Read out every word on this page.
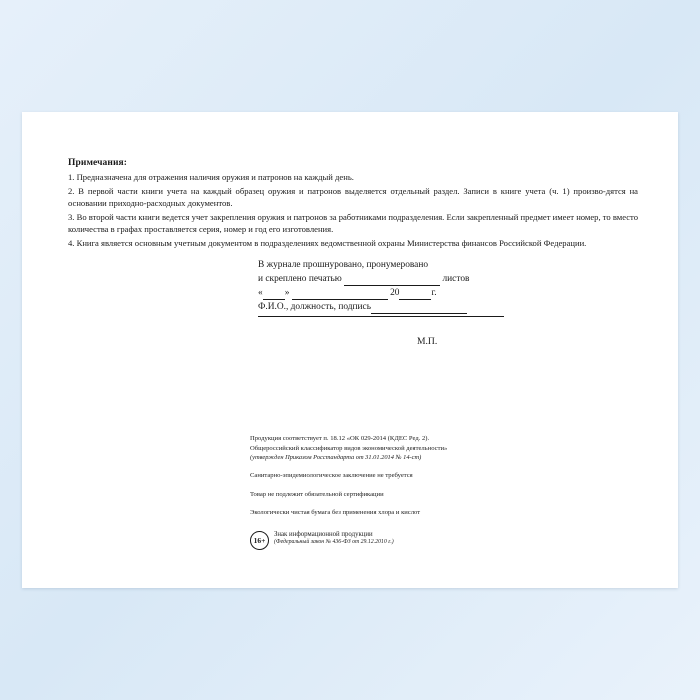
Примечания:
1. Предназначена для отражения наличия оружия и патронов на каждый день.
2. В первой части книги учета на каждый образец оружия и патронов выделяется отдельный раздел. Записи в книге учета (ч. 1) произво-дятся на основании приходно-расходных документов.
3. Во второй части книги ведется учет закрепления оружия и патронов за работниками подразделения. Если закрепленный предмет имеет номер, то вместо количества в графах проставляется серия, номер и год его изготовления.
4. Книга является основным учетным документом в подразделениях ведомственной охраны Министерства финансов Российской Федерации.
В журнале прошнуровано, пронумеровано
и скреплено печатью	листов
« »	20	г.
Ф.И.О., должность, подпись
М.П.
Продукция соответствует п. 18.12 «ОК 029-2014 (КДЕС Ред. 2).
Общероссийский классификатор видов экономической деятельности»
(утвержден Приказом Росстандарта от 31.01.2014 № 14-ст)
Санитарно-эпидемиологическое заключение не требуется
Товар не подлежит обязательной сертификации
Экологически чистая бумага без применения хлора и кислот
16+
Знак информационной продукции
(Федеральный закон № 436-ФЗ от 29.12.2010 г.)
